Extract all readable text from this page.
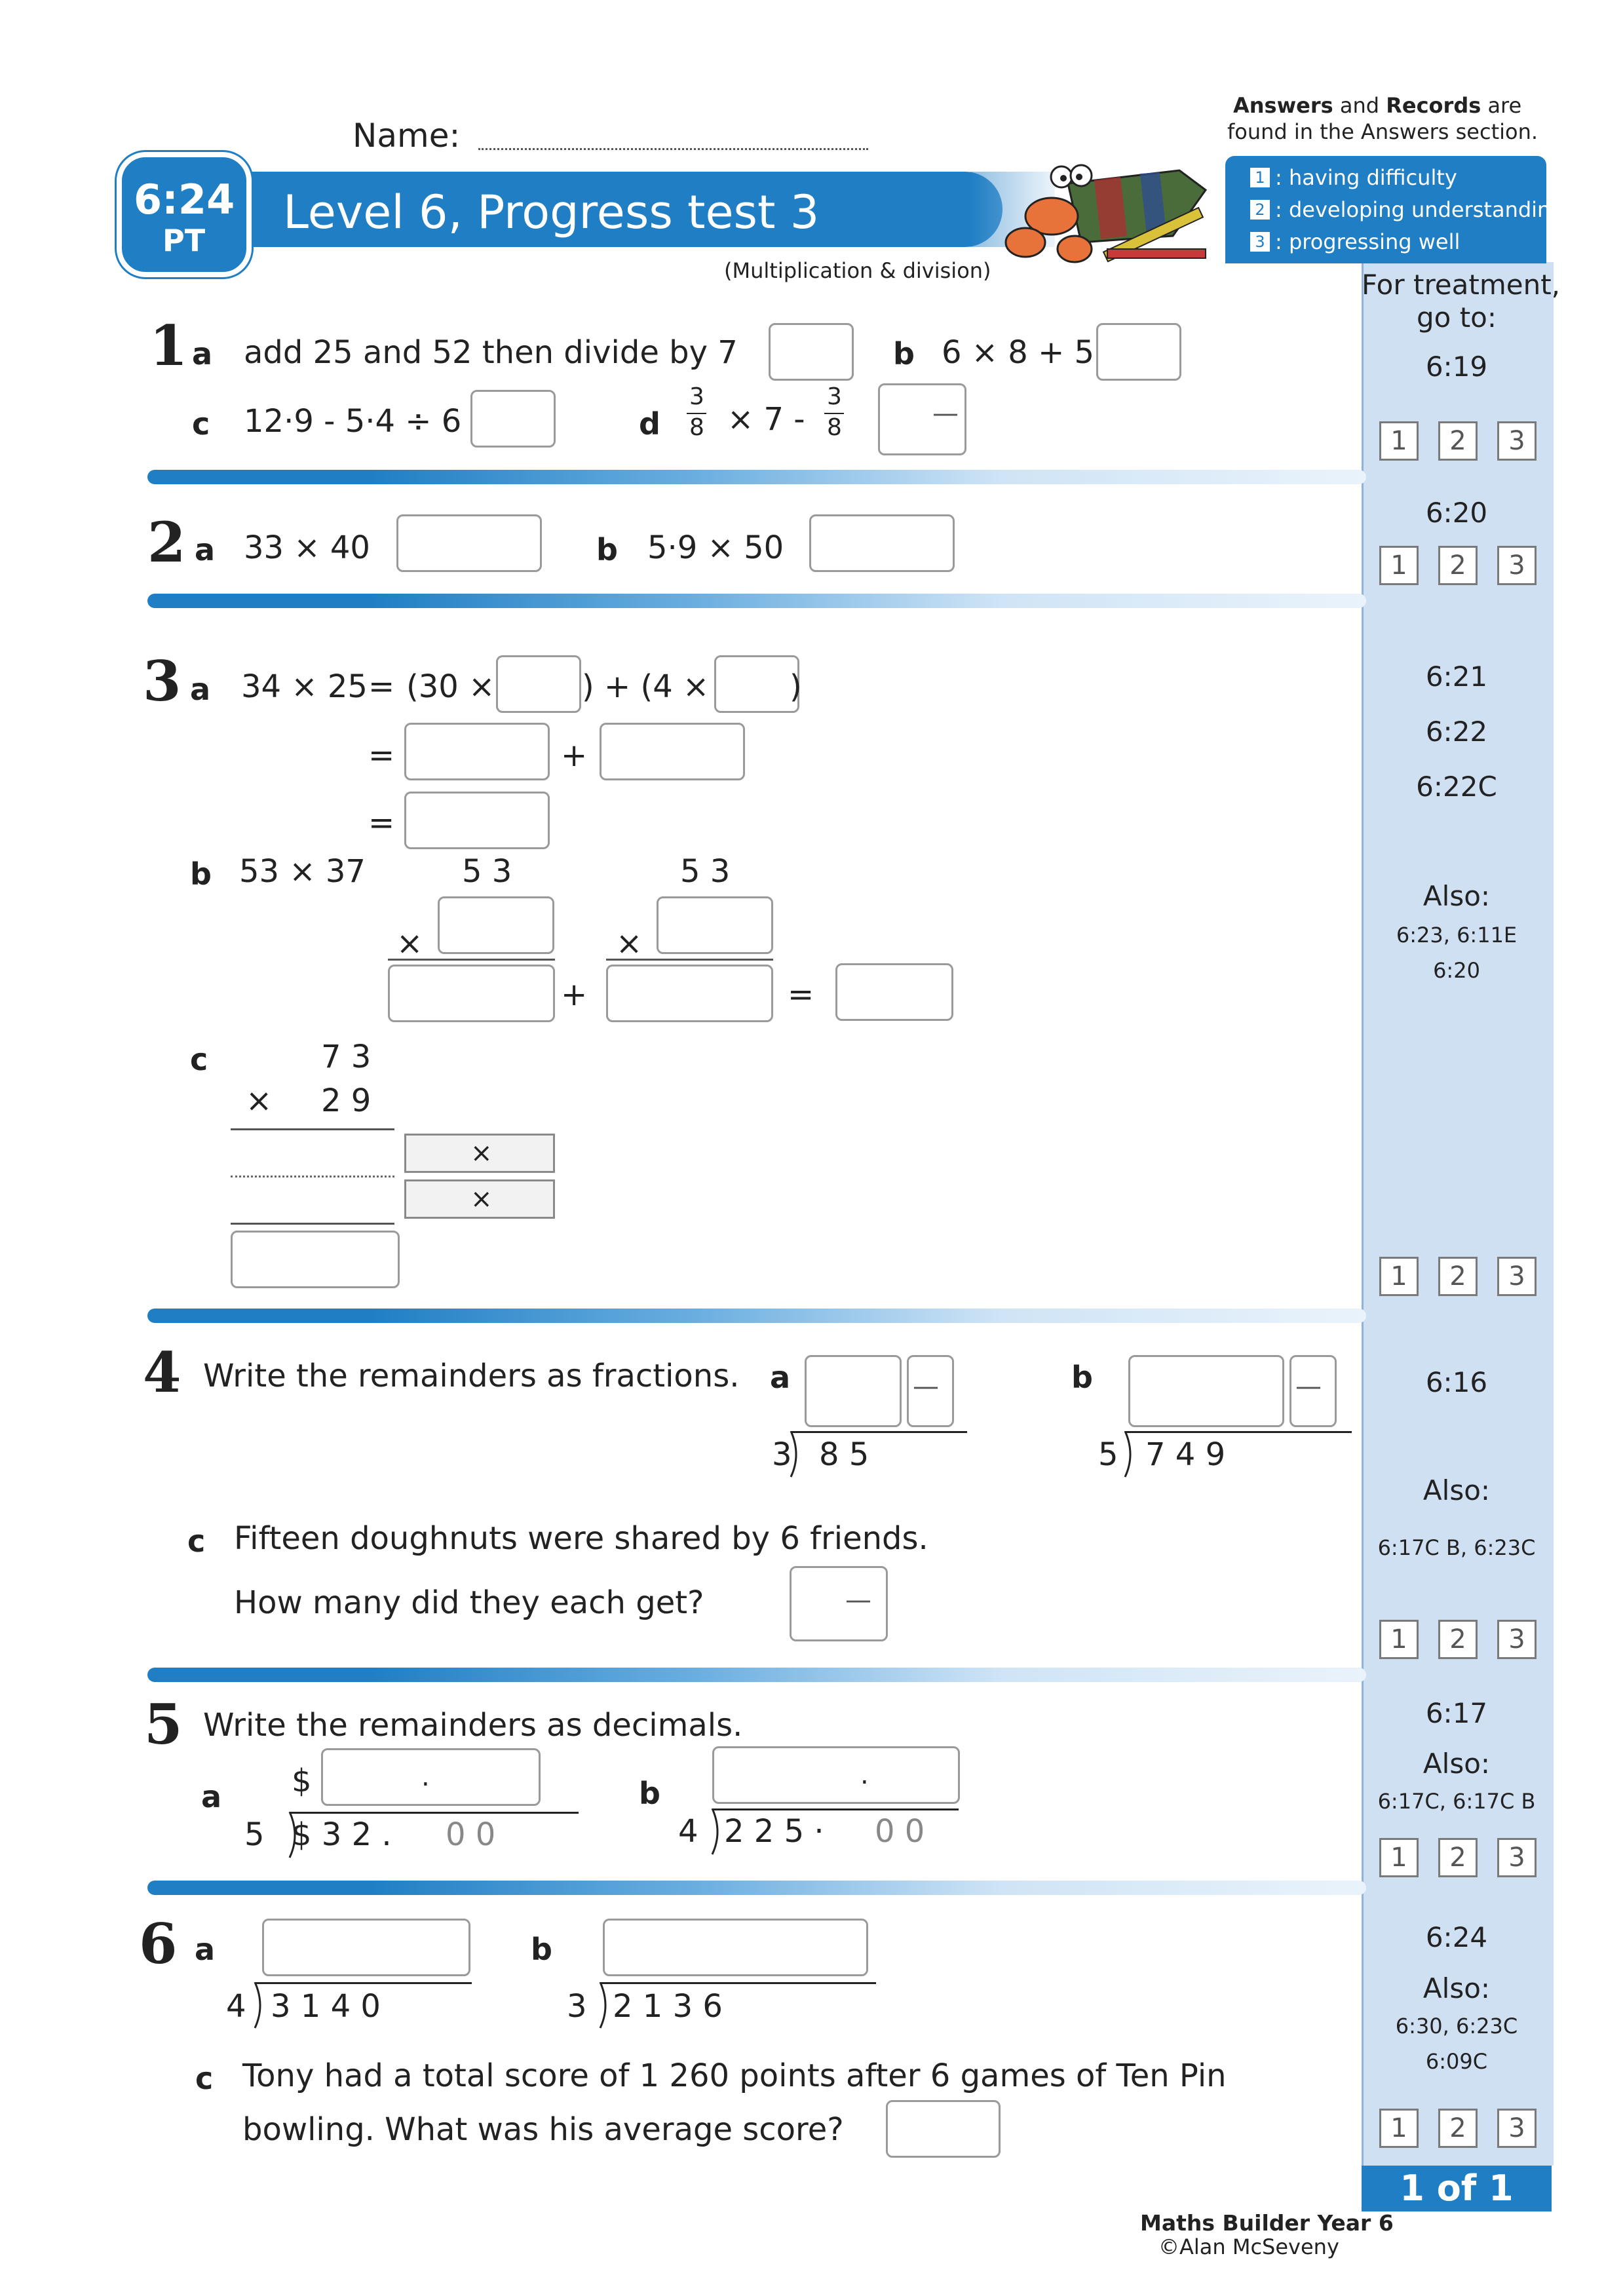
1 of 1
Name:
Answers and Records are
found in the Answers section.
Level 6, Progress test 3
6:24
PT
(Multiplication & division)
1 : having difficulty
2 : developing understanding
3 : progressing well
For treatment,
go to:
6:19
1	2	3
6:20
1	2	3
6:21
6:22
6:22C
Also:
6:23, 6:11E
6:20
1	2	3
6:16
Also:
6:17C B, 6:23C
1	2	3
6:17
Also:
6:17C, 6:17C B
1	2	3
6:24
Also:
6:30, 6:23C
6:09C
1	2	3
1 a add 25 and 52 then divide by 7	b 6 × 8 + 5
c 12·9 - 5·4 ÷ 6	d
3
8 × 7 -
3
8	—
2 a 33 × 40	b 5·9 × 50
3 a 34 × 25 = (30 ×	) + (4 ×	)
=	+
=
b 53 × 37	5 3	5 3
×	×
+	=
c	7 3
× 2 9
×
×
4 Write the remainders as fractions. a	—
3 8 5
b	—
5 7 4 9
c Fifteen doughnuts were shared by 6 friends.
How many did they each get?	—
5 Write the remainders as decimals.
a $	.
5 $ 3 2 . 0 0
b
.
4 2 2 5 · 0 0
6 a
4 3 1 4 0
b
3 2 1 3 6
c Tony had a total score of 1 260 points after 6 games of Ten Pin
bowling. What was his average score?
Maths Builder Year 6
©Alan McSeveny
